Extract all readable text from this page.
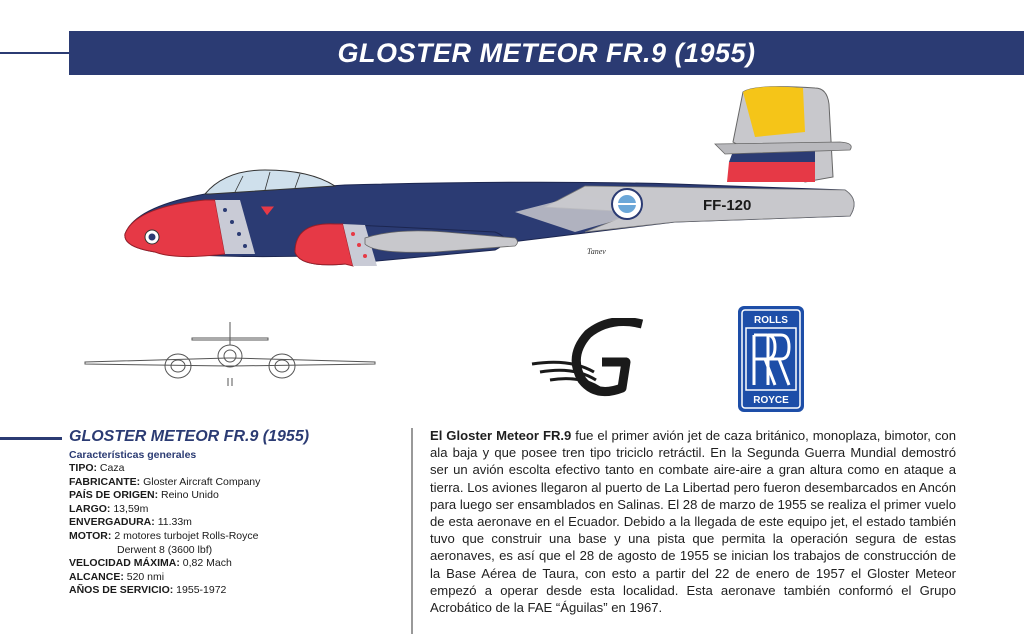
GLOSTER METEOR FR.9 (1955)
FF-120
Tanev
ROLLS
ROYCE
GLOSTER METEOR FR.9 (1955)
Características generales
TIPO: Caza
FABRICANTE: Gloster Aircraft Company
PAÍS DE ORIGEN: Reino Unido
LARGO: 13,59m
ENVERGADURA: 11.33m
MOTOR: 2 motores turbojet Rolls-Royce
Derwent 8 (3600 lbf)
VELOCIDAD MÁXIMA: 0,82 Mach
ALCANCE: 520 nmi
AÑOS DE SERVICIO: 1955-1972

El Gloster Meteor FR.9 fue el primer avión jet de caza británico, monoplaza, bimotor, con ala baja y que posee tren tipo triciclo retráctil. En la Segunda Guerra Mundial demostró ser un avión escolta efectivo tanto en combate aire-aire a gran altura como en ataque a tierra. Los aviones llegaron al puerto de La Libertad pero fueron desembarcados en Ancón para luego ser ensamblados en Salinas. El 28 de marzo de 1955 se realiza el primer vuelo de esta aeronave en el Ecuador. Debido a la llegada de este equipo jet, el estado también tuvo que construir una base y una pista que permita la operación segura de estas aeronaves, es así que el 28 de agosto de 1955 se inician los trabajos de construcción de la Base Aérea de Taura, con esto a partir del 22 de enero de 1957 el Gloster Meteor empezó a operar desde esta localidad. Esta aeronave también conformó el Grupo Acrobático de la FAE “Águilas” en 1967.
